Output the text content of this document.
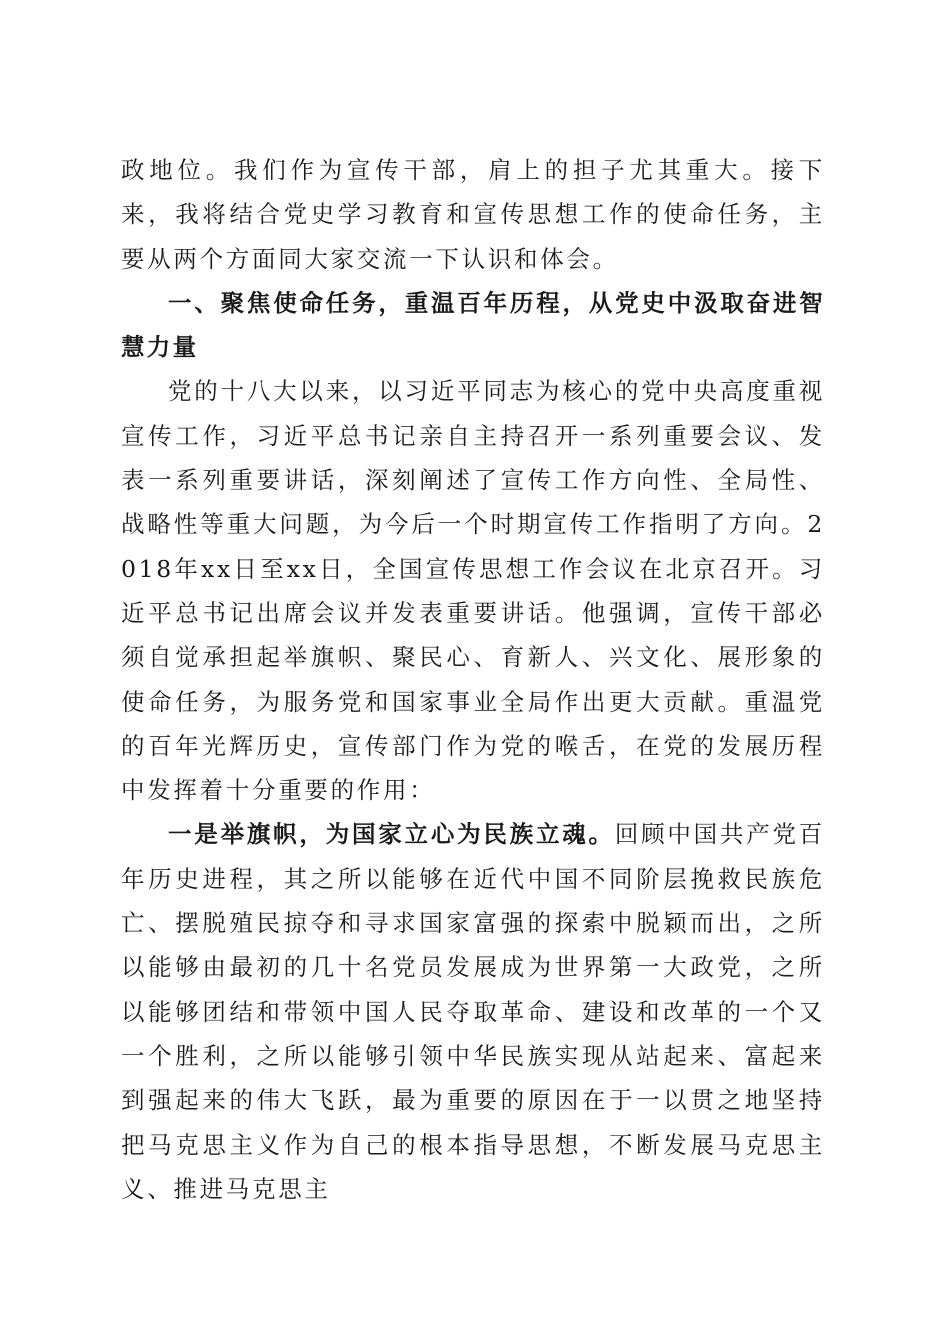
政地位。我们作为宣传干部，肩上的担子尤其重大。接下来，我将结合党史学习教育和宣传思想工作的使命任务，主要从两个方面同大家交流一下认识和体会。

一、聚焦使命任务，重温百年历程，从党史中汲取奋进智慧力量

党的十八大以来，以习近平同志为核心的党中央高度重视宣传工作，习近平总书记亲自主持召开一系列重要会议、发表一系列重要讲话，深刻阐述了宣传工作方向性、全局性、战略性等重大问题，为今后一个时期宣传工作指明了方向。2018年xx日至xx日，全国宣传思想工作会议在北京召开。习近平总书记出席会议并发表重要讲话。他强调，宣传干部必须自觉承担起举旗帜、聚民心、育新人、兴文化、展形象的使命任务，为服务党和国家事业全局作出更大贡献。重温党的百年光辉历史，宣传部门作为党的喉舌，在党的发展历程中发挥着十分重要的作用：

一是举旗帜，为国家立心为民族立魂。回顾中国共产党百年历史进程，其之所以能够在近代中国不同阶层挽救民族危亡、摆脱殖民掠夺和寻求国家富强的探索中脱颖而出，之所以能够由最初的几十名党员发展成为世界第一大政党，之所以能够团结和带领中国人民夺取革命、建设和改革的一个又一个胜利，之所以能够引领中华民族实现从站起来、富起来到强起来的伟大飞跃，最为重要的原因在于一以贯之地坚持把马克思主义作为自己的根本指导思想，不断发展马克思主义、推进马克思主
